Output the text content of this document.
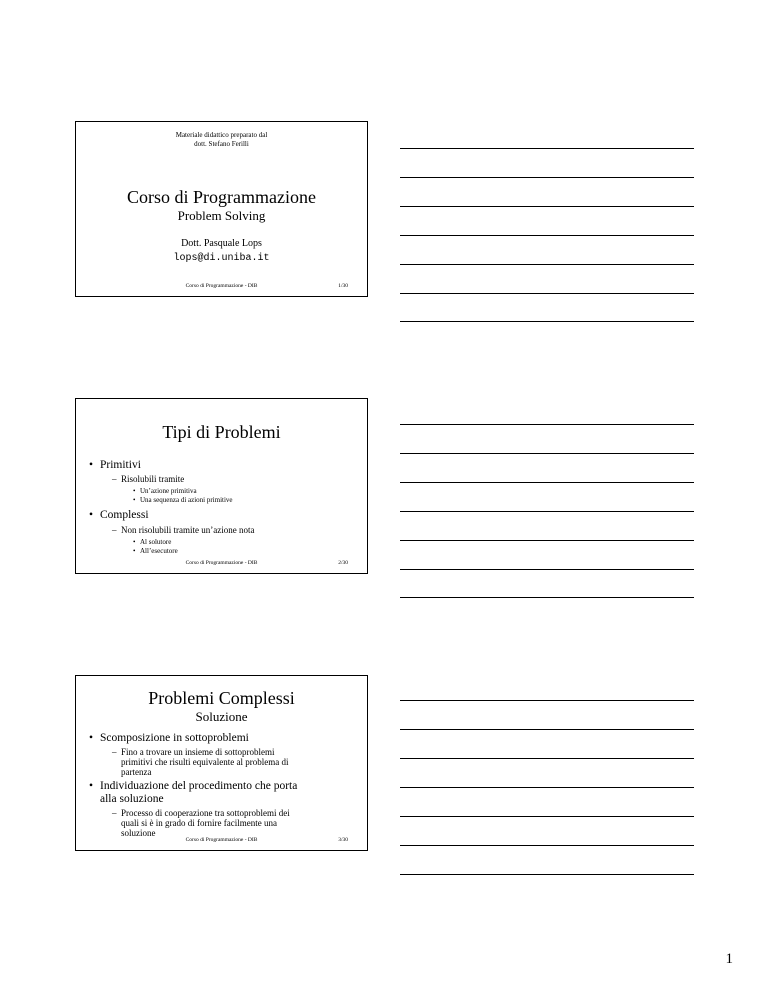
Materiale didattico preparato dal
dott. Stefano Ferilli
Corso di Programmazione
Problem Solving
Dott. Pasquale Lops
lops@di.uniba.it
Corso di Programmazione - DIB	1/30
Tipi di Problemi
• Primitivi
– Risolubili tramite
• Un’azione primitiva
• Una sequenza di azioni primitive
• Complessi
– Non risolubili tramite un’azione nota
• Al solutore
• All’esecutore
Corso di Programmazione - DIB	2/30
Problemi Complessi
Soluzione
• Scomposizione in sottoproblemi
– Fino a trovare un insieme di sottoproblemi
primitivi che risulti equivalente al problema di
partenza
• Individuazione del procedimento che porta
alla soluzione
– Processo di cooperazione tra sottoproblemi dei
quali si è in grado di fornire facilmente una
soluzione
Corso di Programmazione - DIB	3/30
1
